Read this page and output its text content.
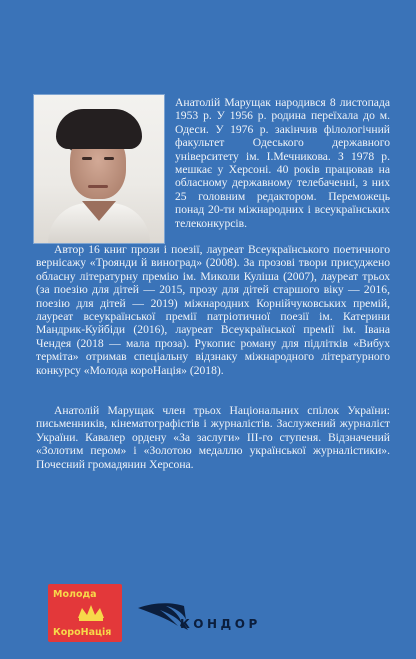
Анатолій Марущак народився 8 листопада 1953 р. У 1956 р. родина переїхала до м. Одеси. У 1976 р. закінчив філологічний факультет Одеського державного університету ім. І.Мечникова. З 1978 р. мешкає у Херсоні. 40 років працював на обласному державному телебаченні, з них 25 головним редактором. Переможець понад 20-ти міжнародних і всеукраїнських телеконкурсів.

Автор 16 книг прози і поезії, лауреат Всеукраїнського поетичного вернісажу «Троянди й виноград» (2008). За прозові твори присуджено обласну літературну премію ім. Миколи Куліша (2007), лауреат трьох (за поезію для дітей — 2015, прозу для дітей старшого віку — 2016, поезію для дітей — 2019) міжнародних Корнійчуковських премій, лауреат всеукраїнської премії патріотичної поезії ім. Катерини Мандрик-Куйбіди (2016), лауреат Всеукраїнської премії ім. Івана Чендея (2018 — мала проза). Рукопис роману для підлітків «Вибух терміта» отримав спеціальну відзнаку міжнародного літературного конкурсу «Молода короНація» (2018).

Анатолій Марущак член трьох Національних спілок України: письменників, кінематографістів і журналістів. Заслужений журналіст України. Кавалер ордену «За заслуги» ІІІ-го ступеня. Відзначений «Золотим пером» і «Золотою медаллю української журналістики». Почесний громадянин Херсона.

Молода
КороНація
КОНДОР
